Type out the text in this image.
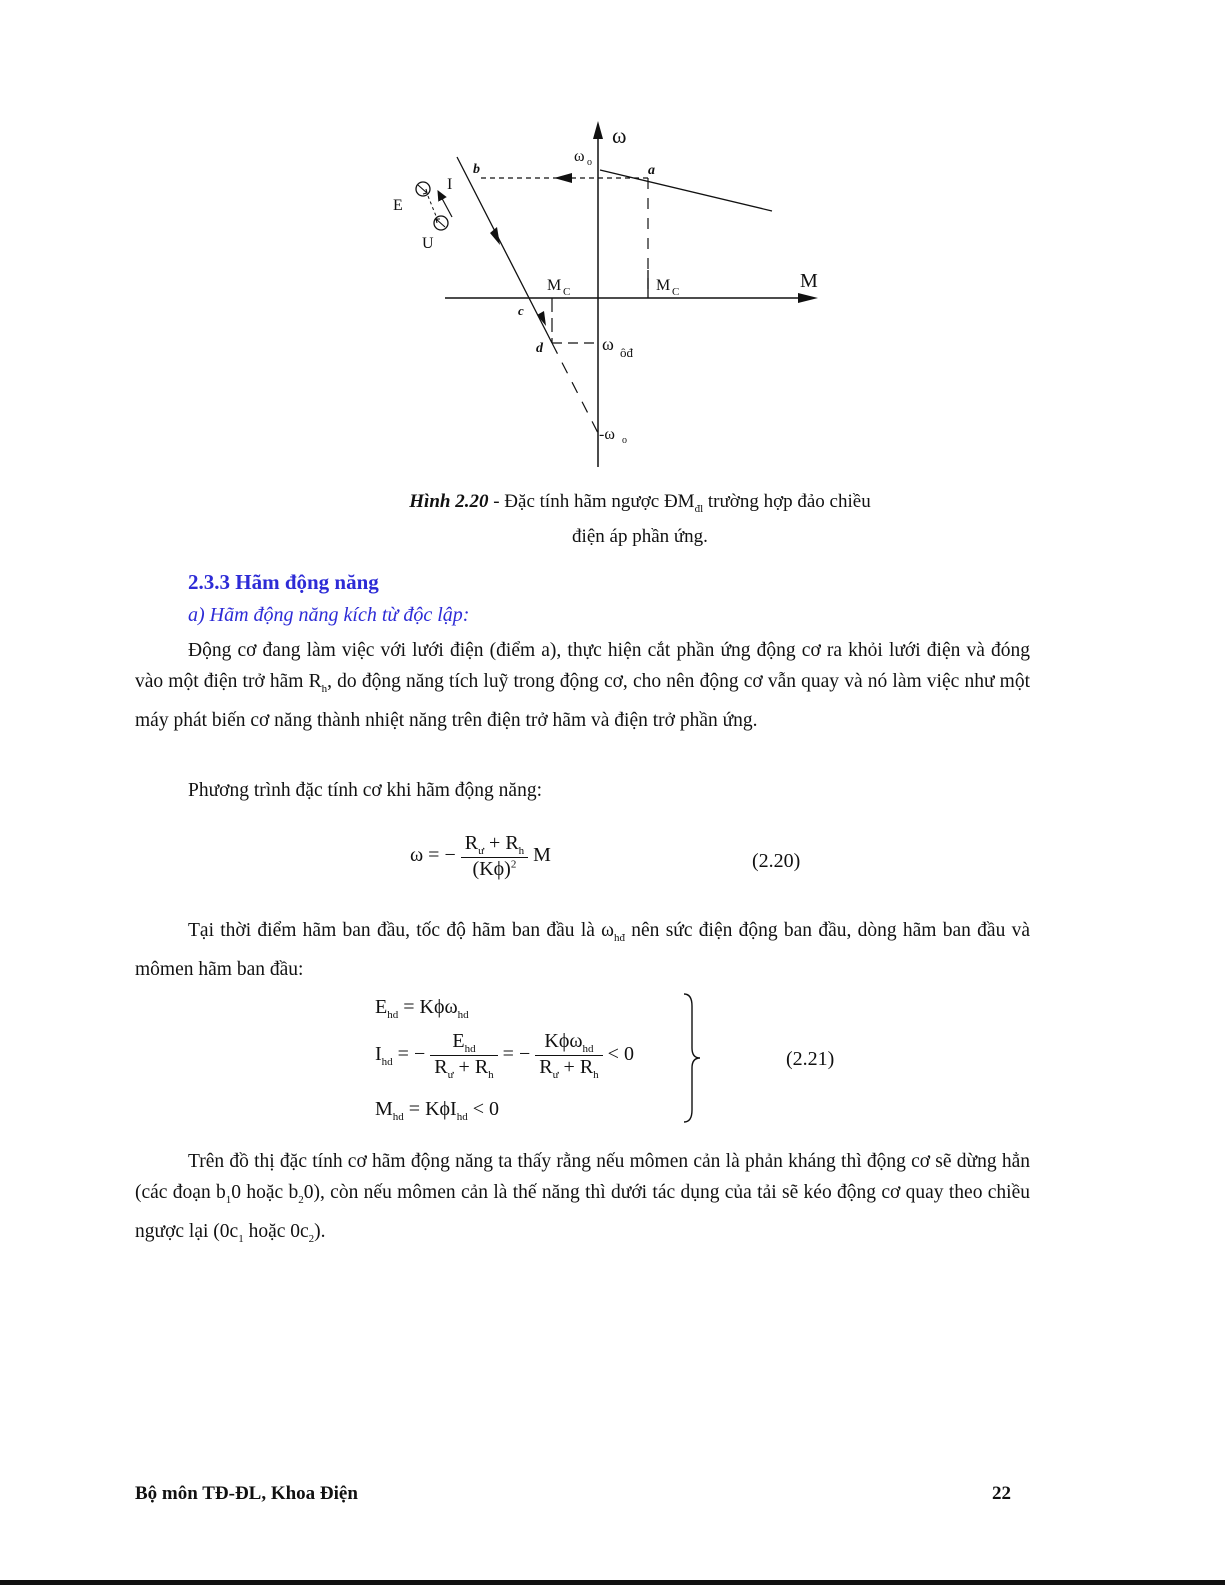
ω
M
ω o
a
b
c
d
E
I
U
M C	M C
ω ôđ
-ω o
Hình 2.20 - Đặc tính hãm ngược $ĐM_{đl}$ trường hợp đảo chiều
điện áp phần ứng.
2.3.3 Hãm động năng
a) Hãm động năng kích từ độc lập:
Động cơ đang làm việc với lưới điện (điểm a), thực hiện cắt phần ứng động cơ ra khỏi lưới điện và đóng vào một điện trở hãm $R_h$, do động năng tích luỹ trong động cơ, cho nên động cơ vẫn quay và nó làm việc như một máy phát biến cơ năng thành nhiệt năng trên điện trở hãm và điện trở phần ứng.
Phương trình đặc tính cơ khi hãm động năng:
ω = − $\frac{R_ư + R_h}{(K\phi)^2}$ M	(2.20)
Tại thời điểm hãm ban đầu, tốc độ hãm ban đầu là $\omega_{hđ}$ nên sức điện động ban đầu, dòng hãm ban đầu và mômen hãm ban đầu:
$E_{hd} = K\phi\omega_{hd}$
$I_{hd}$ = − $\frac{E_{hd}}{R_ư + R_h}$ = − $\frac{K\phi\omega_{hd}}{R_ư + R_h} < 0$
$M_{hd} = K\phi I_{hd} < 0$
(2.21)
Trên đồ thị đặc tính cơ hãm động năng ta thấy rằng nếu mômen cản là phản kháng thì động cơ sẽ dừng hẳn (các đoạn $b_10$ hoặc $b_20$), còn nếu mômen cản là thế năng thì dưới tác dụng của tải sẽ kéo động cơ quay theo chiều ngược lại ($0c_1$ hoặc $0c_2$).
Bộ môn TĐ-ĐL, Khoa Điện	22
